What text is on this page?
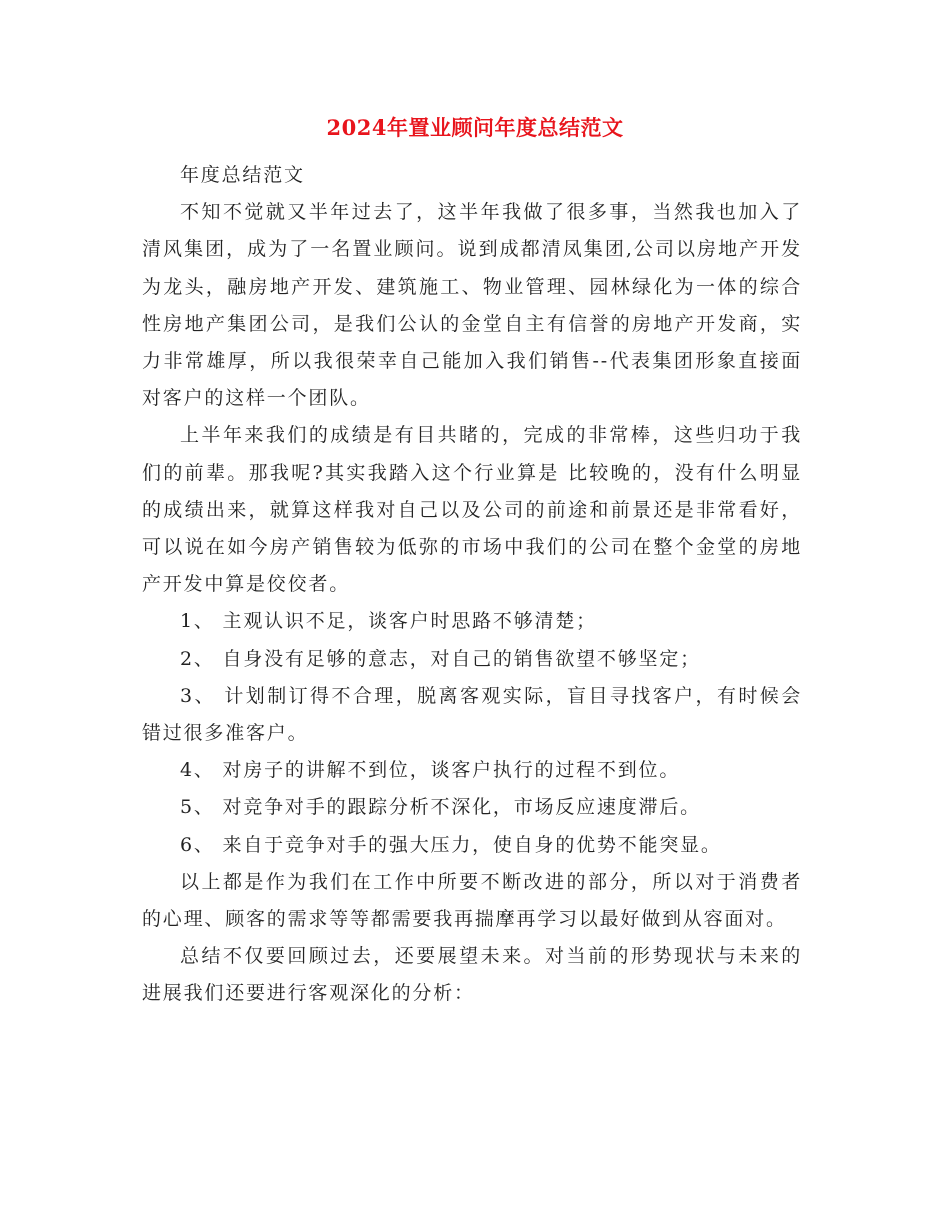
2024年置业顾问年度总结范文

年度总结范文

不知不觉就又半年过去了，这半年我做了很多事，当然我也加入了清风集团，成为了一名置业顾问。说到成都清凤集团,公司以房地产开发为龙头，融房地产开发、建筑施工、物业管理、园林绿化为一体的综合性房地产集团公司，是我们公认的金堂自主有信誉的房地产开发商，实力非常雄厚，所以我很荣幸自己能加入我们销售--代表集团形象直接面对客户的这样一个团队。

上半年来我们的成绩是有目共睹的，完成的非常棒，这些归功于我们的前辈。那我呢?其实我踏入这个行业算是 比较晚的，没有什么明显的成绩出来，就算这样我对自己以及公司的前途和前景还是非常看好，可以说在如今房产销售较为低弥的市场中我们的公司在整个金堂的房地产开发中算是佼佼者。

1、 主观认识不足，谈客户时思路不够清楚；

2、 自身没有足够的意志，对自己的销售欲望不够坚定；

3、 计划制订得不合理，脱离客观实际，盲目寻找客户，有时候会错过很多准客户。

4、 对房子的讲解不到位，谈客户执行的过程不到位。

5、 对竞争对手的跟踪分析不深化，市场反应速度滞后。

6、 来自于竞争对手的强大压力，使自身的优势不能突显。

以上都是作为我们在工作中所要不断改进的部分，所以对于消费者的心理、顾客的需求等等都需要我再揣摩再学习以最好做到从容面对。

总结不仅要回顾过去，还要展望未来。对当前的形势现状与未来的进展我们还要进行客观深化的分析：
